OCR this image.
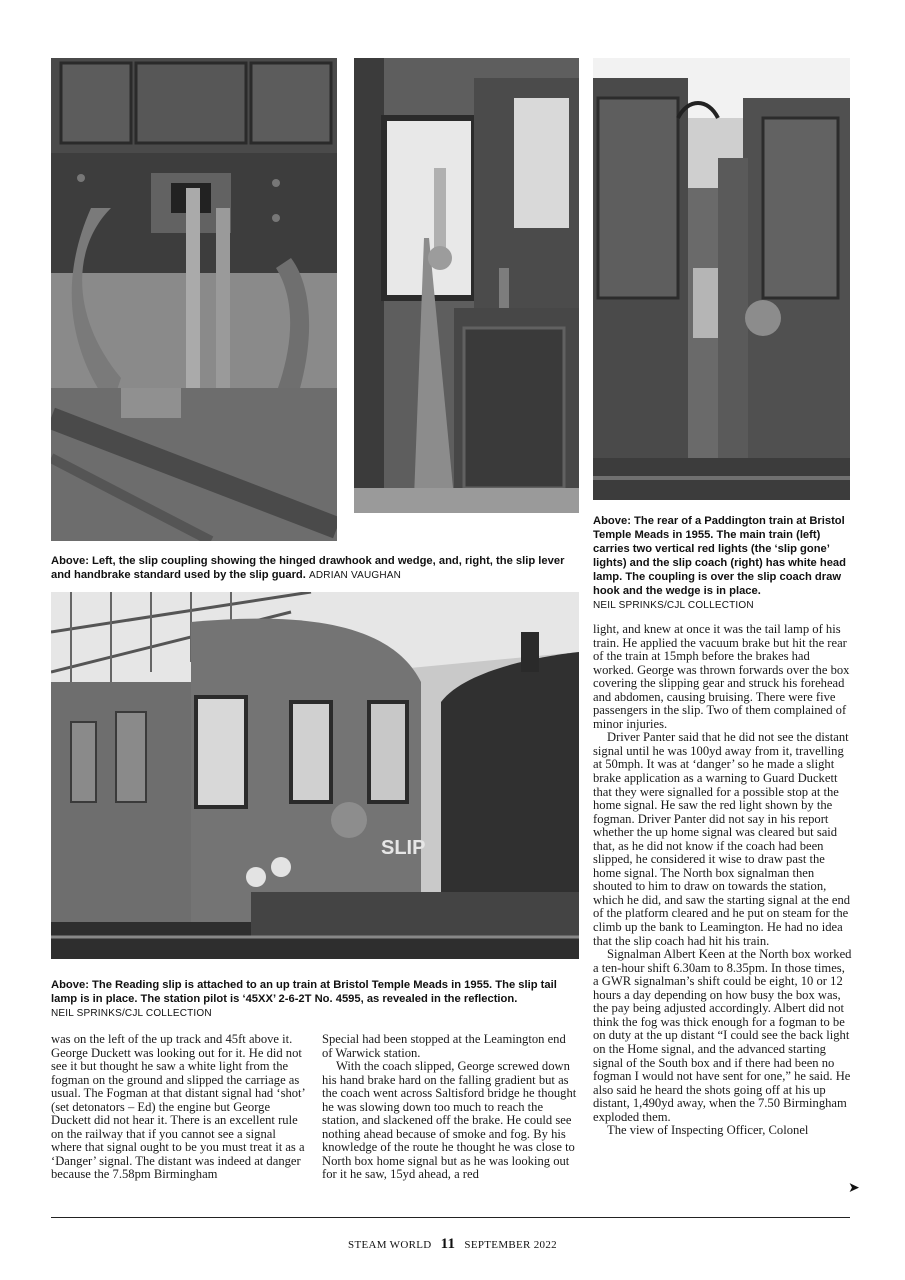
Above: Left, the slip coupling showing the hinged drawhook and wedge, and, right, the slip lever and handbrake standard used by the slip guard. ADRIAN VAUGHAN
Above: The rear of a Paddington train at Bristol Temple Meads in 1955. The main train (left) carries two vertical red lights (the ‘slip gone’ lights) and the slip coach (right) has white head lamp. The coupling is over the slip coach draw hook and the wedge is in place.
NEIL SPRINKS/CJL COLLECTION
SLIP
Above: The Reading slip is attached to an up train at Bristol Temple Meads in 1955. The slip tail lamp is in place. The station pilot is ‘45XX’ 2-6-2T No. 4595, as revealed in the reflection.
NEIL SPRINKS/CJL COLLECTION

light, and knew at once it was the tail lamp of his train. He applied the vacuum brake but hit the rear of the train at 15mph before the brakes had worked. George was thrown forwards over the box covering the slipping gear and struck his forehead and abdomen, causing bruising. There were five passengers in the slip. Two of them complained of minor injuries.

Driver Panter said that he did not see the distant signal until he was 100yd away from it, travelling at 50mph. It was at ‘danger’ so he made a slight brake application as a warning to Guard Duckett that they were signalled for a possible stop at the home signal. He saw the red light shown by the fogman. Driver Panter did not say in his report whether the up home signal was cleared but said that, as he did not know if the coach had been slipped, he considered it wise to draw past the home signal. The North box signalman then shouted to him to draw on towards the station, which he did, and saw the starting signal at the end of the platform cleared and he put on steam for the climb up the bank to Leamington. He had no idea that the slip coach had hit his train.

Signalman Albert Keen at the North box worked a ten-hour shift 6.30am to 8.35pm. In those times, a GWR signalman’s shift could be eight, 10 or 12 hours a day depending on how busy the box was, the pay being adjusted accordingly. Albert did not think the fog was thick enough for a fogman to be on duty at the up distant “I could see the back light on the Home signal, and the advanced starting signal of the South box and if there had been no fogman I would not have sent for one,” he said. He also said he heard the shots going off at his up distant, 1,490yd away, when the 7.50 Birmingham exploded them.

The view of Inspecting Officer, Colonel

was on the left of the up track and 45ft above it. George Duckett was looking out for it. He did not see it but thought he saw a white light from the fogman on the ground and slipped the carriage as usual. The Fogman at that distant signal had ‘shot’ (set detonators – Ed) the engine but George Duckett did not hear it. There is an excellent rule on the railway that if you cannot see a signal where that signal ought to be you must treat it as a ‘Danger’ signal. The distant was indeed at danger because the 7.58pm Birmingham

Special had been stopped at the Leamington end of Warwick station.

With the coach slipped, George screwed down his hand brake hard on the falling gradient but as the coach went across Saltisford bridge he thought he was slowing down too much to reach the station, and slackened off the brake. He could see nothing ahead because of smoke and fog. By his knowledge of the route he thought he was close to North box home signal but as he was looking out for it he saw, 15yd ahead, a red

➤
STEAM WORLD 11 SEPTEMBER 2022
